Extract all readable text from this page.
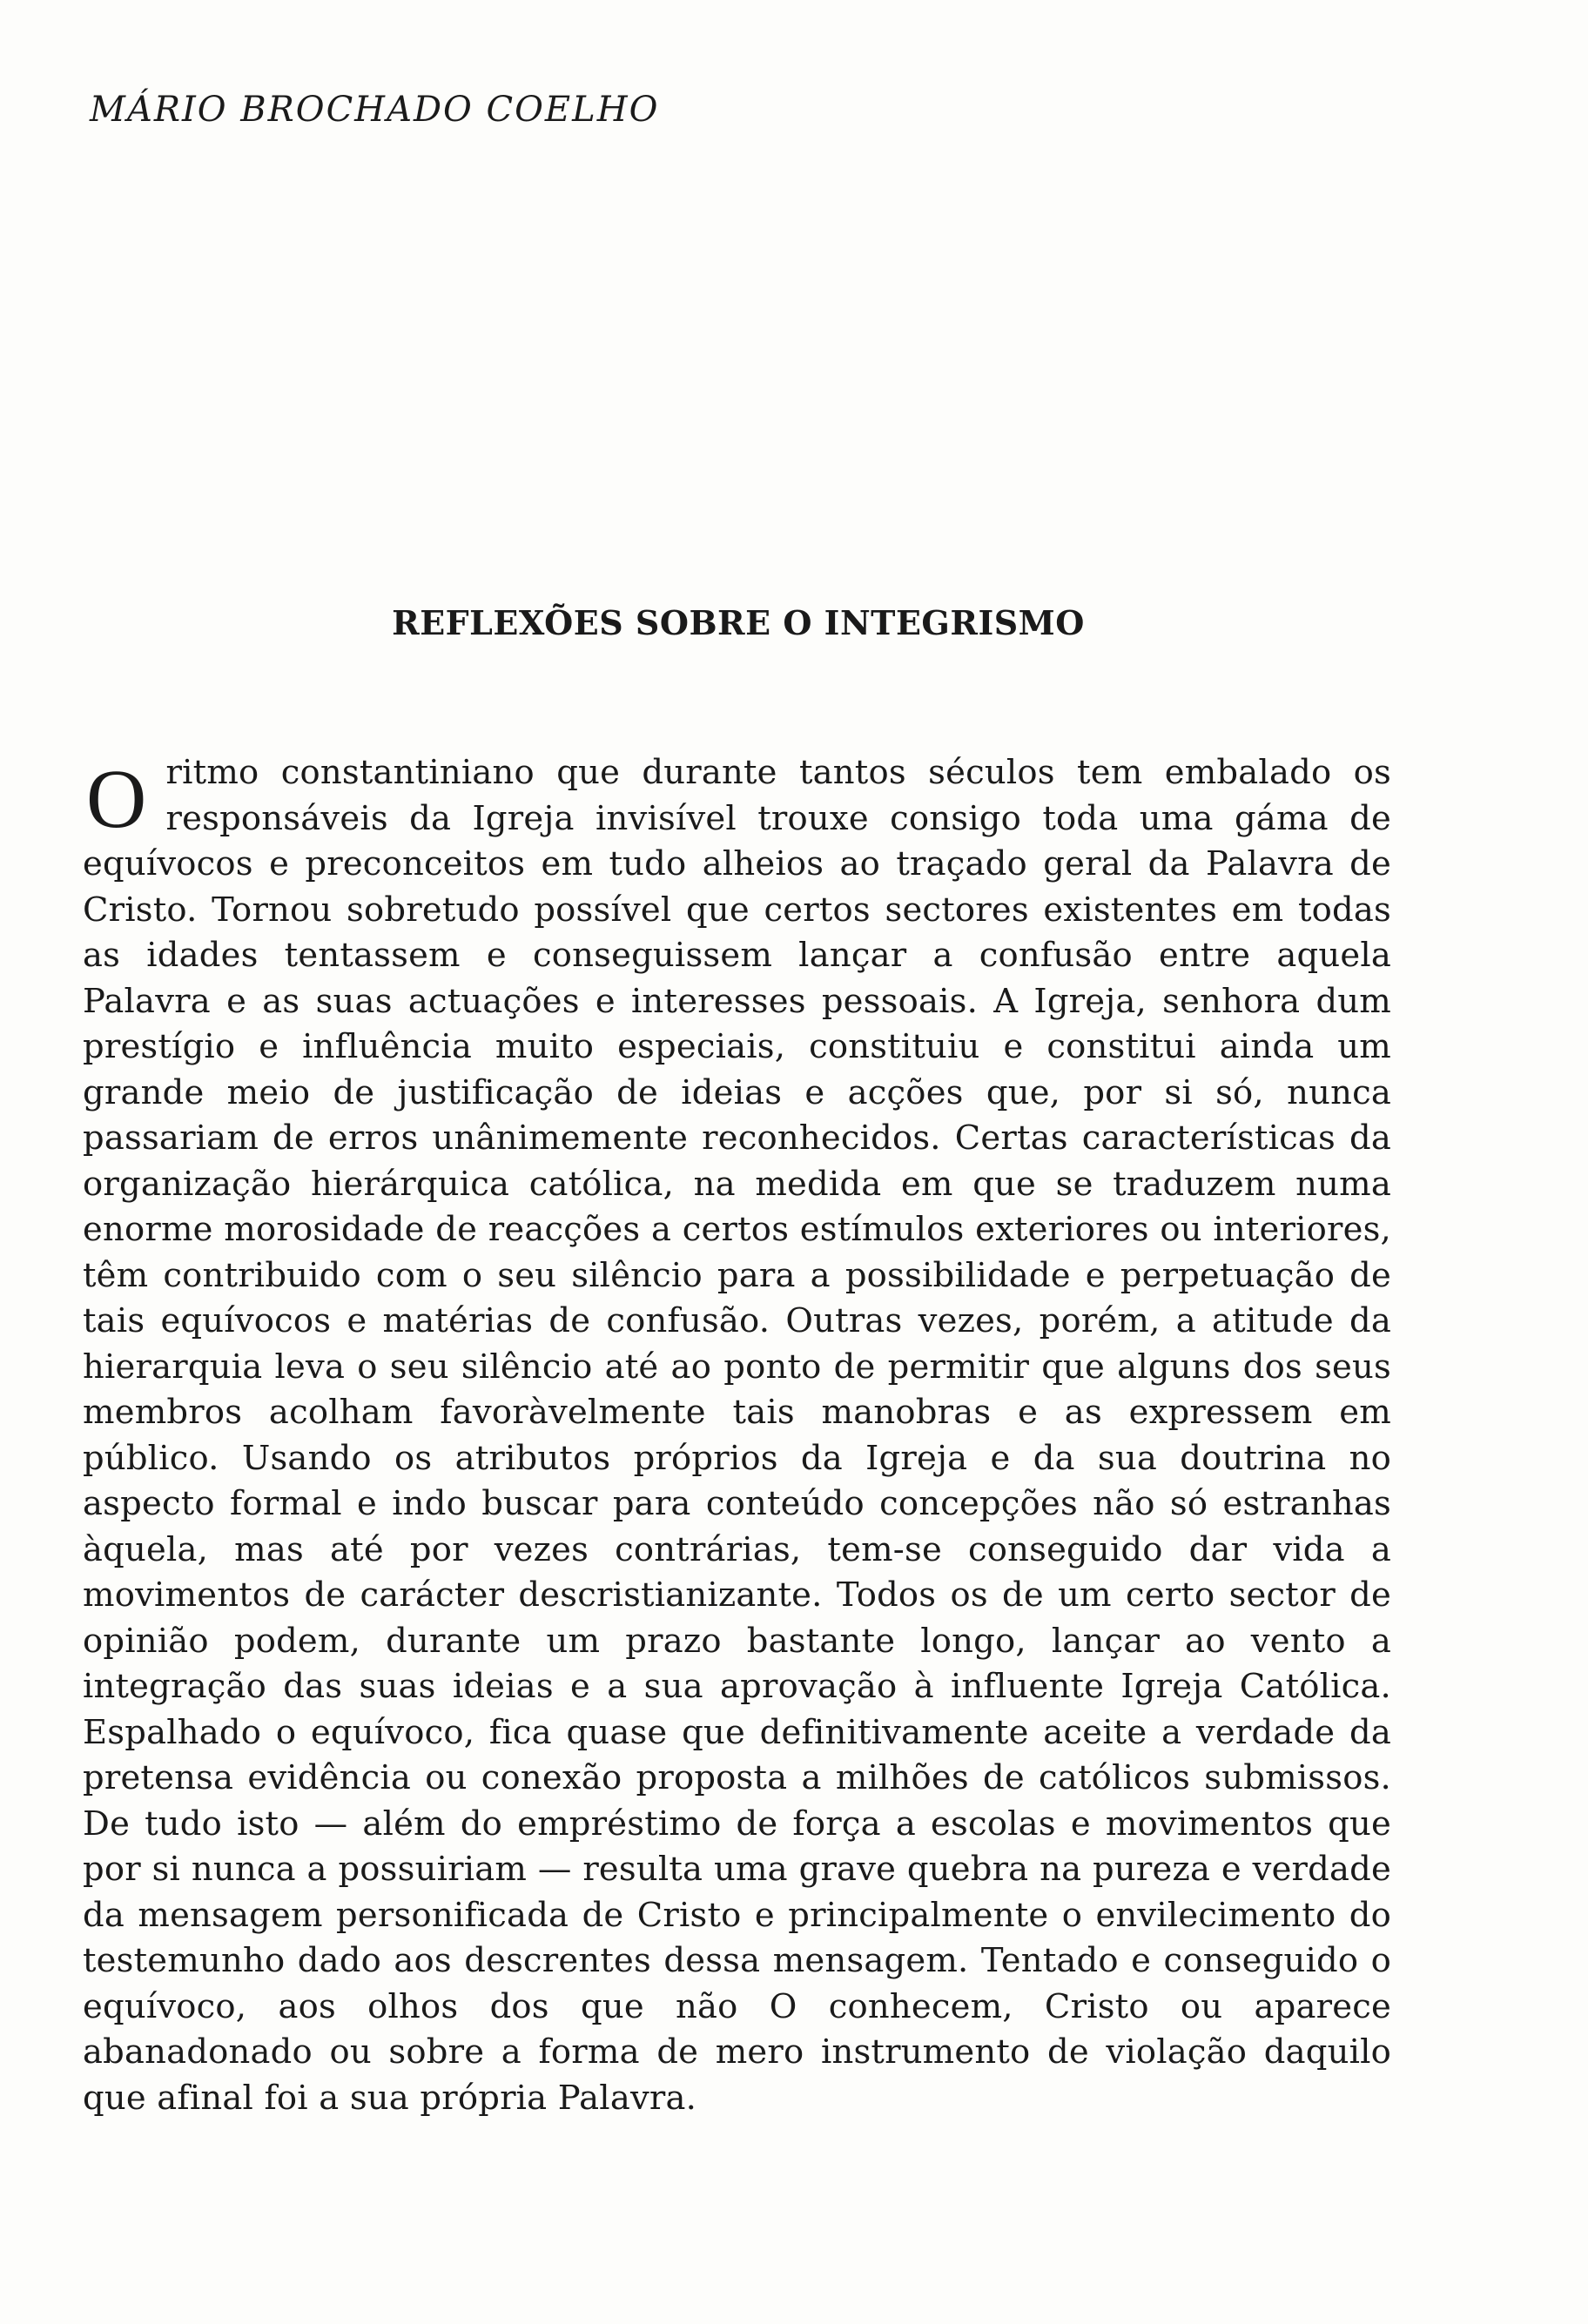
MÁRIO BROCHADO COELHO
REFLEXÕES SOBRE O INTEGRISMO

O ritmo constantiniano que durante tantos séculos tem embalado os responsáveis da Igreja invisível trouxe consigo toda uma gáma de equívocos e preconceitos em tudo alheios ao traçado geral da Palavra de Cristo. Tornou sobretudo possível que certos sectores existentes em todas as idades tentassem e conseguissem lançar a confusão entre aquela Palavra e as suas actuações e interesses pessoais. A Igreja, senhora dum prestígio e influência muito especiais, constituiu e constitui ainda um grande meio de justificação de ideias e acções que, por si só, nunca passariam de erros unânimemente reconhecidos. Certas características da organização hierárquica católica, na medida em que se traduzem numa enorme morosidade de reacções a certos estímulos exteriores ou interiores, têm contribuido com o seu silêncio para a possibilidade e perpetuação de tais equívocos e matérias de confusão. Outras vezes, porém, a atitude da hierarquia leva o seu silêncio até ao ponto de permitir que alguns dos seus membros acolham favoràvelmente tais manobras e as expressem em público. Usando os atributos próprios da Igreja e da sua doutrina no aspecto formal e indo buscar para conteúdo concepções não só estranhas àquela, mas até por vezes contrárias, tem-se conseguido dar vida a movimentos de carácter descristianizante. Todos os de um certo sector de opinião podem, durante um prazo bastante longo, lançar ao vento a integração das suas ideias e a sua aprovação à influente Igreja Católica. Espalhado o equívoco, fica quase que definitivamente aceite a verdade da pretensa evidência ou conexão proposta a milhões de católicos submissos. De tudo isto — além do empréstimo de força a escolas e movimentos que por si nunca a possuiriam — resulta uma grave quebra na pureza e verdade da mensagem personificada de Cristo e principalmente o envilecimento do testemunho dado aos descrentes dessa mensagem. Tentado e conseguido o equívoco, aos olhos dos que não O conhecem, Cristo ou aparece abanadonado ou sobre a forma de mero instrumento de violação daquilo que afinal foi a sua própria Palavra.
